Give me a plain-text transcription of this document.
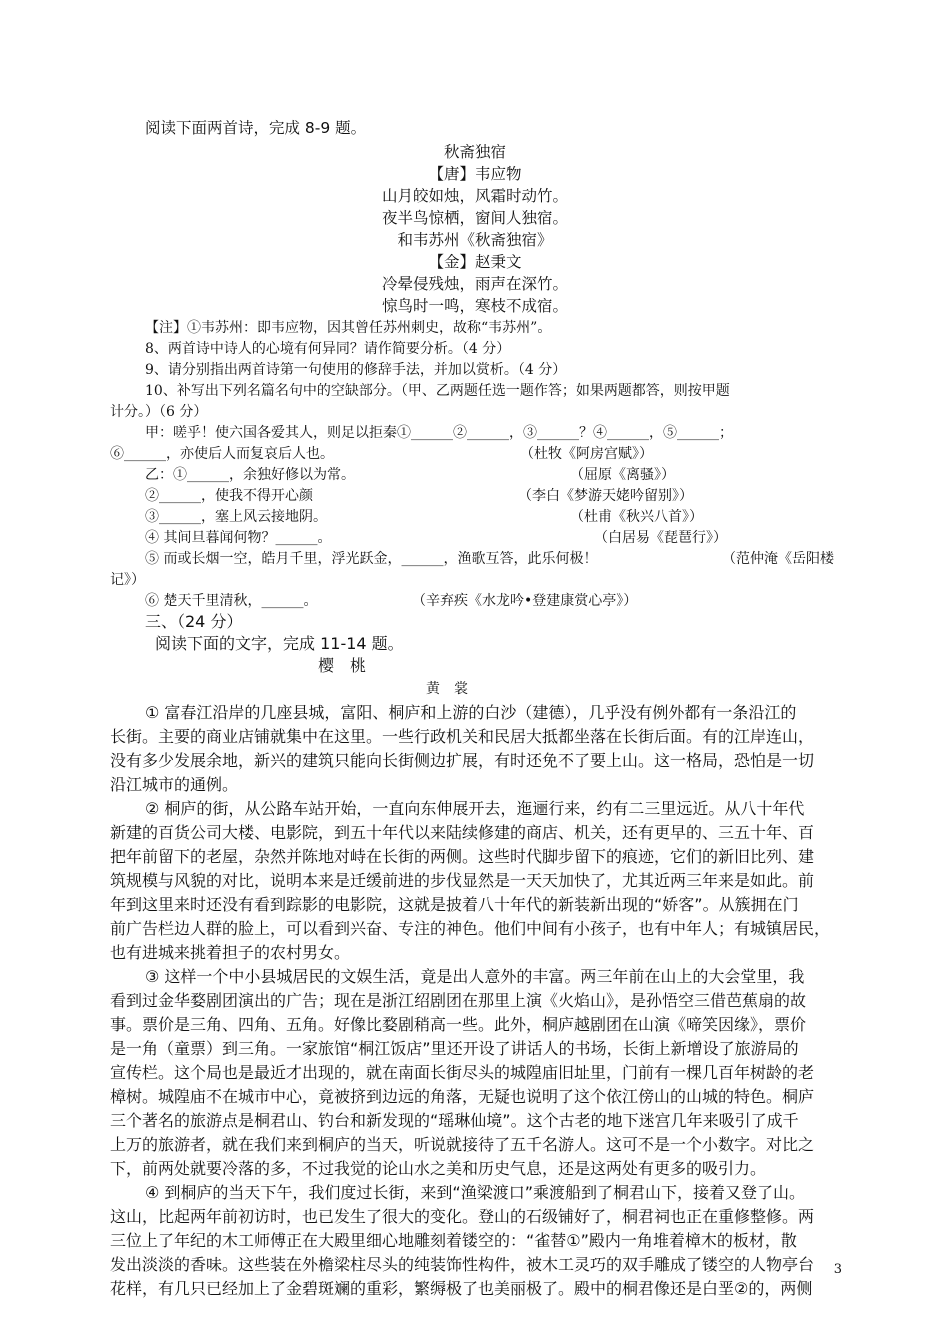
阅读下面两首诗，完成 8-9 题。
秋斋独宿
【唐】韦应物
山月皎如烛，风霜时动竹。
夜半鸟惊栖，窗间人独宿。
和韦苏州《秋斋独宿》
【金】赵秉文
冷晕侵残烛，雨声在深竹。
惊鸟时一鸣，寒枝不成宿。
【注】①韦苏州：即韦应物，因其曾任苏州刺史，故称“韦苏州”。
8、两首诗中诗人的心境有何异同？请作简要分析。（4 分）
9、请分别指出两首诗第一句使用的修辞手法，并加以赏析。（4 分）
10、补写出下列名篇名句中的空缺部分。（甲、乙两题任选一题作答；如果两题都答，则按甲题
计分。）（6 分）
甲：嗟乎！使六国各爱其人，则足以拒秦①______②______，③______？④______，⑤______；
⑥______，亦使后人而复哀后人也。	（杜牧《阿房宫赋》）
乙：①______，余独好修以为常。	（屈原《离骚》）
②______，使我不得开心颜	（李白《梦游天姥吟留别》）
③______，塞上风云接地阴。	（杜甫《秋兴八首》）
④ 其间旦暮闻何物？______。	（白居易《琵琶行》）
⑤ 而或长烟一空，皓月千里，浮光跃金，______，渔歌互答，此乐何极！	（范仲淹《岳阳楼
记》）
⑥ 楚天千里清秋，______。	（辛弃疾《水龙吟•登建康赏心亭》）
三、（24 分）
阅读下面的文字，完成 11-14 题。
樱　桃
黄　裳
① 富春江沿岸的几座县城，富阳、桐庐和上游的白沙（建德），几乎没有例外都有一条沿江的
长街。主要的商业店铺就集中在这里。一些行政机关和民居大抵都坐落在长街后面。有的江岸连山，
没有多少发展余地，新兴的建筑只能向长街侧边扩展，有时还免不了要上山。这一格局，恐怕是一切
沿江城市的通例。
② 桐庐的街，从公路车站开始，一直向东伸展开去，迤逦行来，约有二三里远近。从八十年代
新建的百货公司大楼、电影院，到五十年代以来陆续修建的商店、机关，还有更早的、三五十年、百
把年前留下的老屋，杂然并陈地对峙在长街的两侧。这些时代脚步留下的痕迹，它们的新旧比列、建
筑规模与风貌的对比，说明本来是迁缓前进的步伐显然是一天天加快了，尤其近两三年来是如此。前
年到这里来时还没有看到踪影的电影院，这就是披着八十年代的新装新出现的“娇客”。从簇拥在门
前广告栏边人群的脸上，可以看到兴奋、专注的神色。他们中间有小孩子，也有中年人；有城镇居民，
也有进城来挑着担子的农村男女。
③ 这样一个中小县城居民的文娱生活，竟是出人意外的丰富。两三年前在山上的大会堂里，我
看到过金华婺剧团演出的广告；现在是浙江绍剧团在那里上演《火焰山》，是孙悟空三借芭蕉扇的故
事。票价是三角、四角、五角。好像比婺剧稍高一些。此外，桐庐越剧团在山演《啼笑因缘》，票价
是一角（童票）到三角。一家旅馆“桐江饭店”里还开设了讲话人的书场，长街上新增设了旅游局的
宣传栏。这个局也是最近才出现的，就在南面长街尽头的城隍庙旧址里，门前有一棵几百年树龄的老
樟树。城隍庙不在城市中心，竟被挤到边远的角落，无疑也说明了这个依江傍山的山城的特色。桐庐
三个著名的旅游点是桐君山、钓台和新发现的“瑶琳仙境”。这个古老的地下迷宫几年来吸引了成千
上万的旅游者，就在我们来到桐庐的当天，听说就接待了五千名游人。这可不是一个小数字。对比之
下，前两处就要冷落的多，不过我觉的论山水之美和历史气息，还是这两处有更多的吸引力。
④ 到桐庐的当天下午，我们度过长街，来到“渔梁渡口”乘渡船到了桐君山下，接着又登了山。
这山，比起两年前初访时，也已发生了很大的变化。登山的石级铺好了，桐君祠也正在重修整修。两
三位上了年纪的木工师傅正在大殿里细心地雕刻着镂空的：“雀替①”殿内一角堆着樟木的板材，散
发出淡淡的香味。这些装在外檐梁柱尽头的纯装饰性构件，被木工灵巧的双手雕成了镂空的人物亭台
花样，有几只已经加上了金碧斑斓的重彩，繁缛极了也美丽极了。殿中的桐君像还是白垩②的，两侧
3
